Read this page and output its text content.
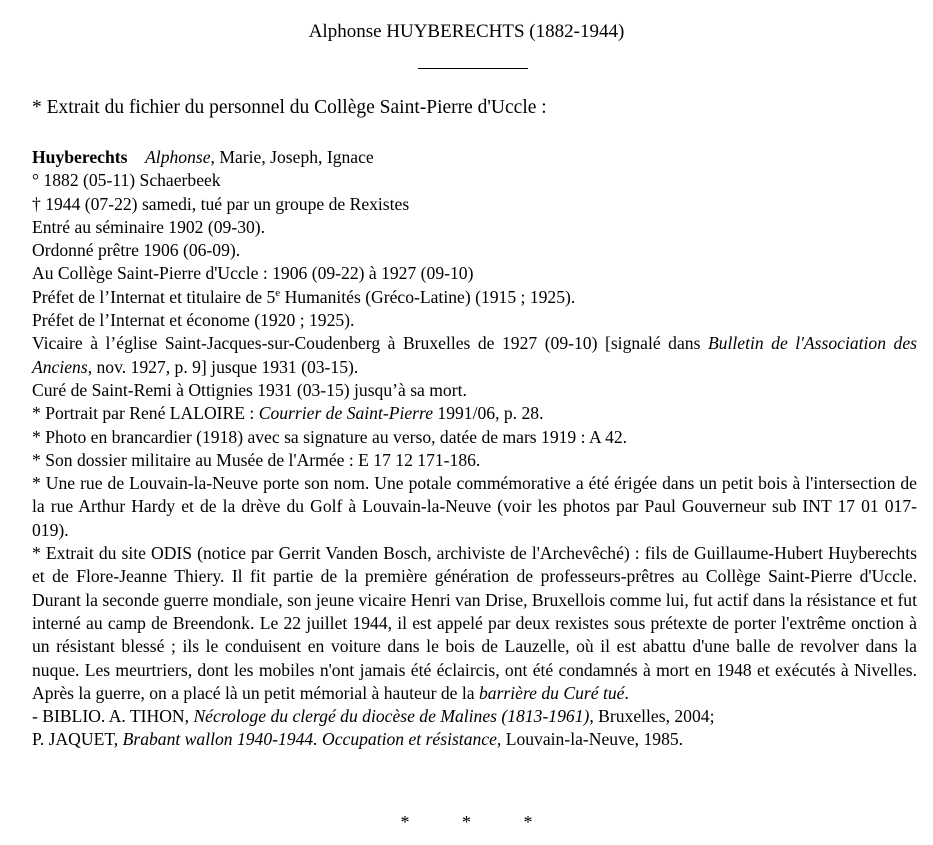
Alphonse HUYBERECHTS (1882-1944)
* Extrait du fichier du personnel du Collège Saint-Pierre d'Uccle :

Huyberechts Alphonse, Marie, Joseph, Ignace

° 1882 (05-11) Schaerbeek

† 1944 (07-22) samedi, tué par un groupe de Rexistes

Entré au séminaire 1902 (09-30).

Ordonné prêtre 1906 (06-09).

Au Collège Saint-Pierre d'Uccle : 1906 (09-22) à 1927 (09-10)

Préfet de l’Internat et titulaire de 5e Humanités (Gréco-Latine) (1915 ; 1925).

Préfet de l’Internat et économe (1920 ; 1925).

Vicaire à l’église Saint-Jacques-sur-Coudenberg à Bruxelles de 1927 (09-10) [signalé dans Bulletin de l'Association des Anciens, nov. 1927, p. 9] jusque 1931 (03-15).

Curé de Saint-Remi à Ottignies 1931 (03-15) jusqu’à sa mort.

* Portrait par René LALOIRE : Courrier de Saint-Pierre 1991/06, p. 28.

* Photo en brancardier (1918) avec sa signature au verso, datée de mars 1919 : A 42.

* Son dossier militaire au Musée de l'Armée : E 17 12 171-186.

* Une rue de Louvain-la-Neuve porte son nom. Une potale commémorative a été érigée dans un petit bois à l'intersection de la rue Arthur Hardy et de la drève du Golf à Louvain-la-Neuve (voir les photos par Paul Gouverneur sub INT 17 01 017-019).

* Extrait du site ODIS (notice par Gerrit Vanden Bosch, archiviste de l'Archevêché) : fils de Guillaume-Hubert Huyberechts et de Flore-Jeanne Thiery. Il fit partie de la première génération de professeurs-prêtres au Collège Saint-Pierre d'Uccle. Durant la seconde guerre mondiale, son jeune vicaire Henri van Drise, Bruxellois comme lui, fut actif dans la résistance et fut interné au camp de Breendonk. Le 22 juillet 1944, il est appelé par deux rexistes sous prétexte de porter l'extrême onction à un résistant blessé ; ils le conduisent en voiture dans le bois de Lauzelle, où il est abattu d'une balle de revolver dans la nuque. Les meurtriers, dont les mobiles n'ont jamais été éclaircis, ont été condamnés à mort en 1948 et exécutés à Nivelles. Après la guerre, on a placé là un petit mémorial à hauteur de la barrière du Curé tué.

- BIBLIO. A. TIHON, Nécrologe du clergé du diocèse de Malines (1813-1961), Bruxelles, 2004;

P. JAQUET, Brabant wallon 1940-1944. Occupation et résistance, Louvain-la-Neuve, 1985.

* * *
